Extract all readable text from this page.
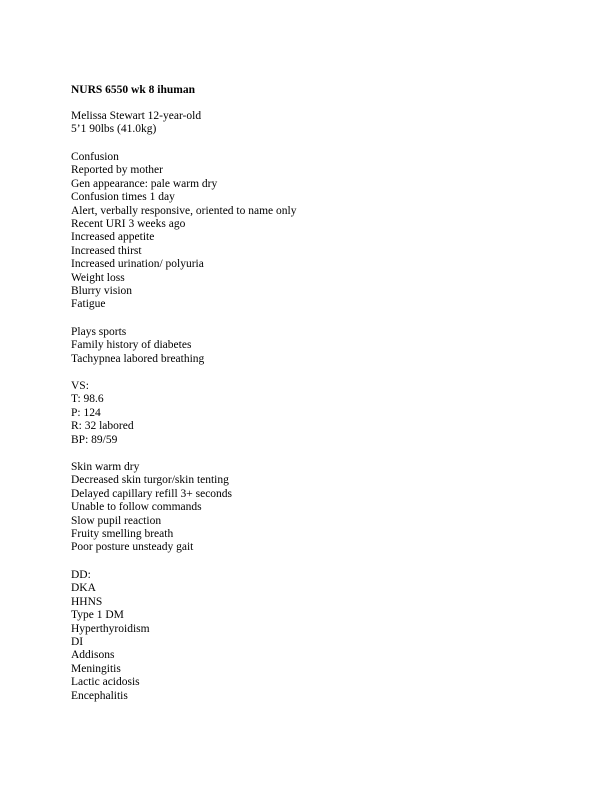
NURS 6550 wk 8 ihuman
Melissa Stewart 12-year-old
5’1 90lbs (41.0kg)
Confusion
Reported by mother
Gen appearance: pale warm dry
Confusion times 1 day
Alert, verbally responsive, oriented to name only
Recent URI 3 weeks ago
Increased appetite
Increased thirst
Increased urination/ polyuria
Weight loss
Blurry vision
Fatigue
Plays sports
Family history of diabetes
Tachypnea labored breathing
VS:
T: 98.6
P: 124
R: 32 labored
BP: 89/59
Skin warm dry
Decreased skin turgor/skin tenting
Delayed capillary refill 3+ seconds
Unable to follow commands
Slow pupil reaction
Fruity smelling breath
Poor posture unsteady gait
DD:
DKA
HHNS
Type 1 DM
Hyperthyroidism
DI
Addisons
Meningitis
Lactic acidosis
Encephalitis
